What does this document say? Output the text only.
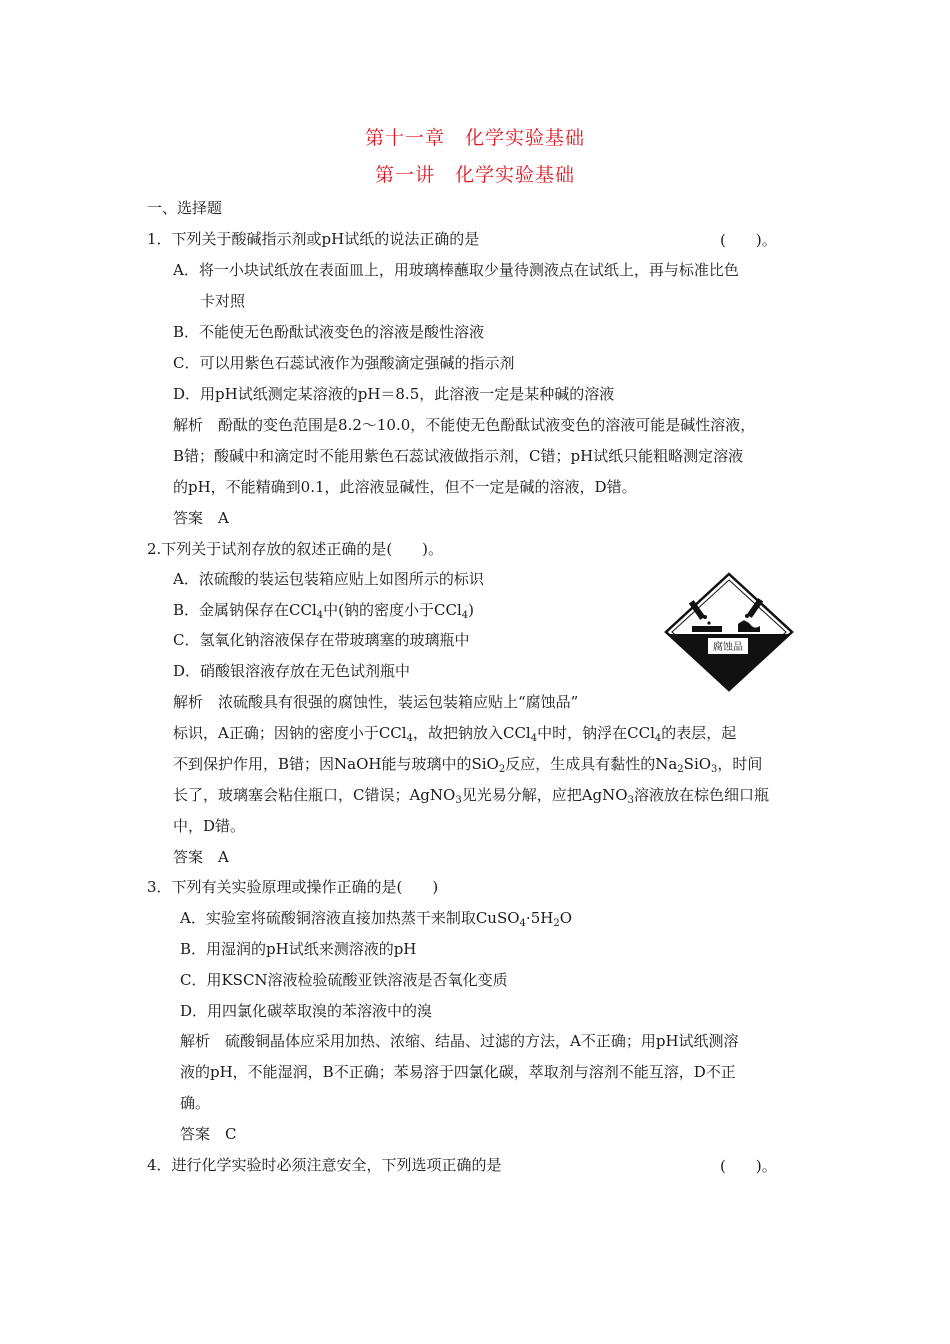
第十一章　化学实验基础
第一讲　化学实验基础
一、选择题
1．下列关于酸碱指示剂或pH试纸的说法正确的是	(　　)。
A．将一小块试纸放在表面皿上，用玻璃棒蘸取少量待测液点在试纸上，再与标准比色
卡对照
B．不能使无色酚酞试液变色的溶液是酸性溶液
C．可以用紫色石蕊试液作为强酸滴定强碱的指示剂
D．用pH试纸测定某溶液的pH＝8.5，此溶液一定是某种碱的溶液
解析　酚酞的变色范围是8.2～10.0，不能使无色酚酞试液变色的溶液可能是碱性溶液，
B错；酸碱中和滴定时不能用紫色石蕊试液做指示剂，C错；pH试纸只能粗略测定溶液
的pH，不能精确到0.1，此溶液显碱性，但不一定是碱的溶液，D错。
答案　A
2.下列关于试剂存放的叙述正确的是(　　)。
A．浓硫酸的装运包装箱应贴上如图所示的标识
B．金属钠保存在CCl$_4$中(钠的密度小于CCl$_4$)
C．氢氧化钠溶液保存在带玻璃塞的玻璃瓶中
D．硝酸银溶液存放在无色试剂瓶中
解析　浓硫酸具有很强的腐蚀性，装运包装箱应贴上“腐蚀品”
标识，A正确；因钠的密度小于CCl$_4$，故把钠放入CCl$_4$中时，钠浮在CCl$_4$的表层，起
不到保护作用，B错；因NaOH能与玻璃中的SiO$_2$反应，生成具有黏性的$Na_2SiO_3$，时间
长了，玻璃塞会粘住瓶口，C错误；AgNO$_3$见光易分解，应把AgNO$_3$溶液放在棕色细口瓶
中，D错。
答案　A
腐蚀品
3．下列有关实验原理或操作正确的是(　　)
A．实验室将硫酸铜溶液直接加热蒸干来制取$CuSO_4\cdot 5H_2O$
B．用湿润的pH试纸来测溶液的pH
C．用KSCN溶液检验硫酸亚铁溶液是否氧化变质
D．用四氯化碳萃取溴的苯溶液中的溴
解析　硫酸铜晶体应采用加热、浓缩、结晶、过滤的方法，A不正确；用pH试纸测溶
液的pH，不能湿润，B不正确；苯易溶于四氯化碳，萃取剂与溶剂不能互溶，D不正
确。
答案　C
4．进行化学实验时必须注意安全，下列选项正确的是	(　　)。
